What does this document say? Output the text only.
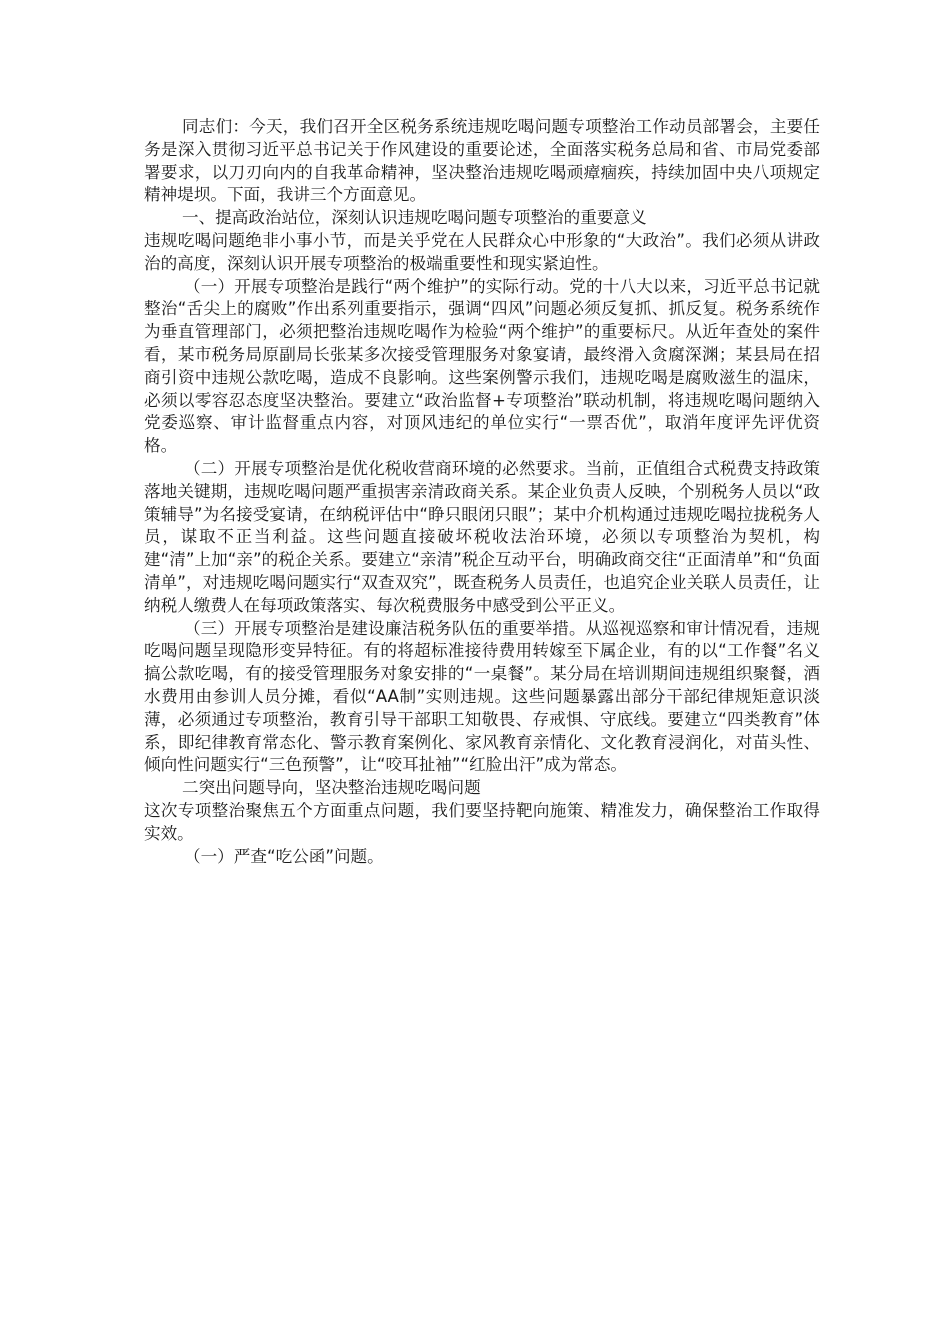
同志们：今天，我们召开全区税务系统违规吃喝问题专项整治工作动员部署会，主要任务是深入贯彻习近平总书记关于作风建设的重要论述，全面落实税务总局和省、市局党委部署要求，以刀刃向内的自我革命精神，坚决整治违规吃喝顽瘴痼疾，持续加固中央八项规定精神堤坝。下面，我讲三个方面意见。

一、提高政治站位，深刻认识违规吃喝问题专项整治的重要意义

违规吃喝问题绝非小事小节，而是关乎党在人民群众心中形象的“大政治”。我们必须从讲政治的高度，深刻认识开展专项整治的极端重要性和现实紧迫性。

（一）开展专项整治是践行“两个维护”的实际行动。党的十八大以来，习近平总书记就整治“舌尖上的腐败”作出系列重要指示，强调“四风”问题必须反复抓、抓反复。税务系统作为垂直管理部门，必须把整治违规吃喝作为检验“两个维护”的重要标尺。从近年查处的案件看，某市税务局原副局长张某多次接受管理服务对象宴请，最终滑入贪腐深渊；某县局在招商引资中违规公款吃喝，造成不良影响。这些案例警示我们，违规吃喝是腐败滋生的温床，必须以零容忍态度坚决整治。要建立“政治监督+专项整治”联动机制，将违规吃喝问题纳入党委巡察、审计监督重点内容，对顶风违纪的单位实行“一票否优”，取消年度评先评优资格。

（二）开展专项整治是优化税收营商环境的必然要求。当前，正值组合式税费支持政策落地关键期，违规吃喝问题严重损害亲清政商关系。某企业负责人反映，个别税务人员以“政策辅导”为名接受宴请，在纳税评估中“睁只眼闭只眼”；某中介机构通过违规吃喝拉拢税务人员，谋取不正当利益。这些问题直接破坏税收法治环境，必须以专项整治为契机，构建“清”上加“亲”的税企关系。要建立“亲清”税企互动平台，明确政商交往“正面清单”和“负面清单”，对违规吃喝问题实行“双查双究”，既查税务人员责任，也追究企业关联人员责任，让纳税人缴费人在每项政策落实、每次税费服务中感受到公平正义。

（三）开展专项整治是建设廉洁税务队伍的重要举措。从巡视巡察和审计情况看，违规吃喝问题呈现隐形变异特征。有的将超标准接待费用转嫁至下属企业，有的以“工作餐”名义搞公款吃喝，有的接受管理服务对象安排的“一桌餐”。某分局在培训期间违规组织聚餐，酒水费用由参训人员分摊，看似“AA制”实则违规。这些问题暴露出部分干部纪律规矩意识淡薄，必须通过专项整治，教育引导干部职工知敬畏、存戒惧、守底线。要建立“四类教育”体系，即纪律教育常态化、警示教育案例化、家风教育亲情化、文化教育浸润化，对苗头性、倾向性问题实行“三色预警”，让“咬耳扯袖”“红脸出汗”成为常态。

二突出问题导向，坚决整治违规吃喝问题

这次专项整治聚焦五个方面重点问题，我们要坚持靶向施策、精准发力，确保整治工作取得实效。

（一）严查“吃公函”问题。
